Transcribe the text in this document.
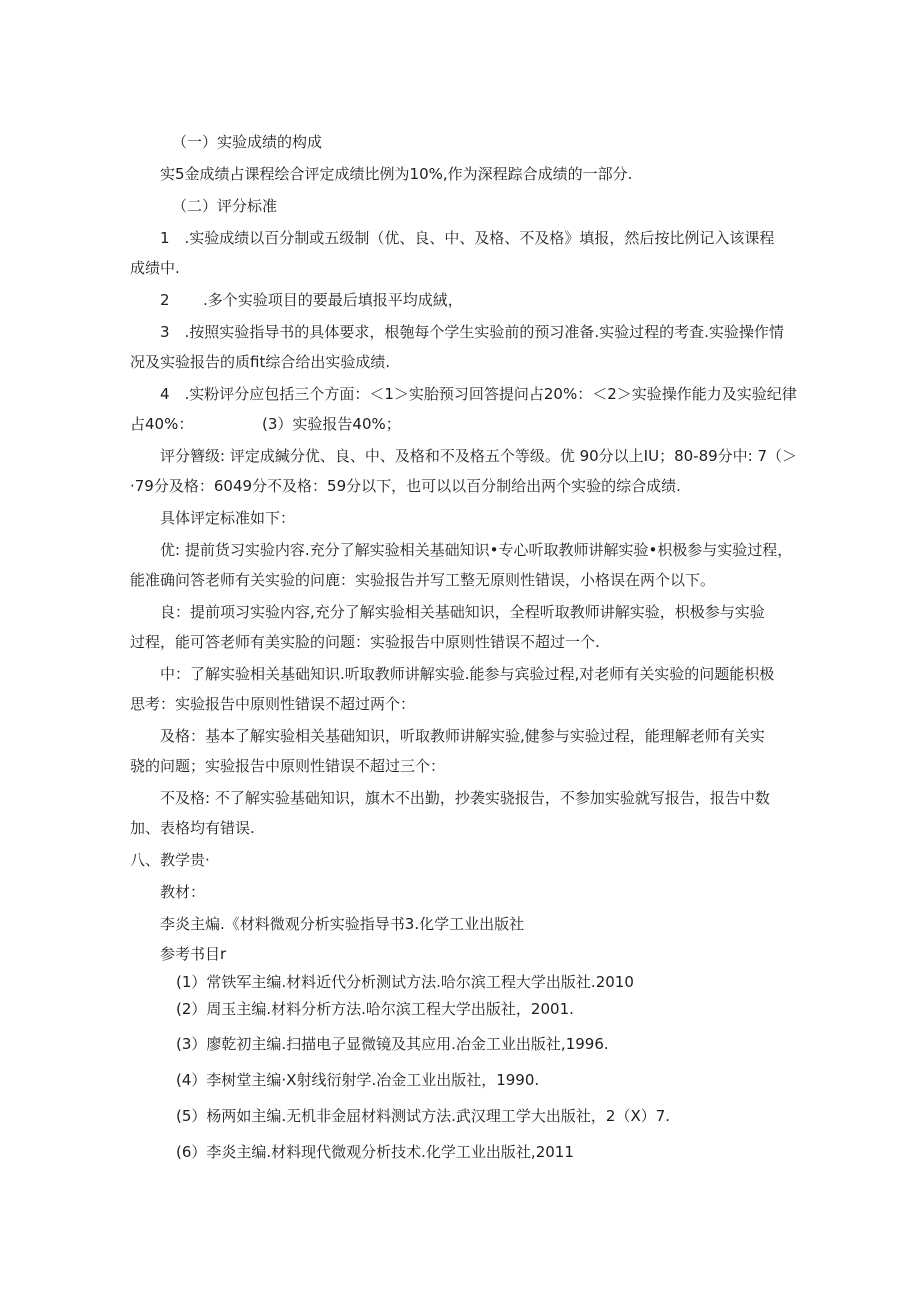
（一）实验成绩的构成
实5金成绩占课程绘合评定成绩比例为10%,作为深程踪合成绩的一部分.
（二）评分标准
1　.实验成绩以百分制或五级制（优、良、中、及格、不及格》填报，然后按比例记入该课程
成绩中.
2 .多个实验项目的要最后填报平均成絨，
3　.按照实验指导书的具体要求，根匏每个学生实验前的预习准备.实验过程的考査.实验操作情
况及实验报告的质fit综合给出实验成绩.
4　.实粉评分应包括三个方面：＜1＞实胎预习回答提问占20%：＜2＞实验操作能力及实验纪律
占40%：	(3）实验报告40%；
评分簪级: 评定成緘分优、良、中、及格和不及格五个等级。优 90分以上IU；80-89分中: 7（＞
·79分及格：6049分不及格：59分以下，也可以以百分制给出两个实验的综合成绩.
具体评定标准如下：
优: 提前货习实验内容.充分了解实验相关基础知识•专心听取教师讲解实验•枳极参与实验过程，
能准确问答老师有关实验的问鹿：实验报告并写工整无原则性错误，小格误在两个以下。
良：提前项习实验内容,充分了解实验相关基础知识，全程听取教师讲解实验，枳极参与实验
过程，能可答老师有美实脸的问题：实验报告中原则性错误不超过一个.
中：了解实验相关基础知识.听取教师讲解实验.能参与宾验过程,对老师有关实验的问题能枳极
思考：实验报告中原则性错误不超过两个：
及格：基本了解实验相关基础知识，听取教师讲解实验,健参与实验过程，能理解老师有关实
骁的问题；实验报告中原则性错误不超过三个：
不及格: 不了解实验基础知识，旗木不出勤，抄袭实骁报告，不参加实验就写报告，报告中数
加、表格均有错误.
八、教学贵·
教材：
李炎主煸.《材料微观分析实验指导书3.化学工业出版社
参考书目r
(1）常铁军主编.材料近代分析测试方法.哈尔滨工程大学出版社.2010
(2）周玉主编.材料分析方法.哈尔滨工程大学出版社，2001.
(3）廖乾初主编.扫描电子显微镜及其应用.冶金工业出版社,1996.
(4）李树堂主编·X射线衍射学.冶金工业出版社，1990.
(5）杨两如主编.无机非金屈材料测试方法.武汉理工学大出版社，2（X）7.
(6）李炎主编.材料现代微观分析技术.化学工业出版社,2011
